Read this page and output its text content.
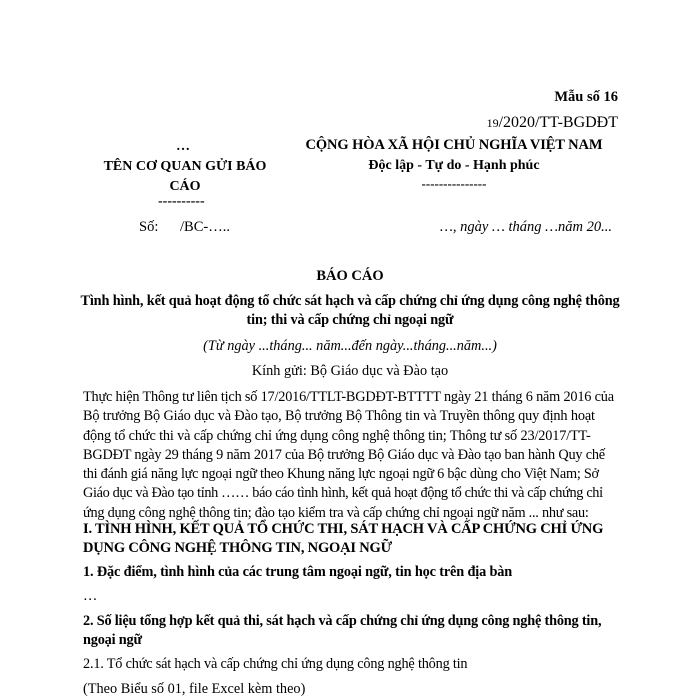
Mẫu số 16
19/2020/TT-BGDĐT
…
TÊN CƠ QUAN GỬI BÁO
CÁO
----------
CỘNG HÒA XÃ HỘI CHỦ NGHĨA VIỆT NAM
Độc lập - Tự do - Hạnh phúc
---------------
Số: /BC-…..	…, ngày … tháng …năm 20...
BÁO CÁO
Tình hình, kết quả hoạt động tổ chức sát hạch và cấp chứng chỉ ứng dụng công nghệ thông
tin; thi và cấp chứng chỉ ngoại ngữ
(Từ ngày ...tháng... năm...đến ngày...tháng...năm...)
Kính gửi: Bộ Giáo dục và Đào tạo
Thực hiện Thông tư liên tịch số 17/2016/TTLT-BGDĐT-BTTTT ngày 21 tháng 6 năm 2016 của
Bộ trưởng Bộ Giáo dục và Đào tạo, Bộ trưởng Bộ Thông tin và Truyền thông quy định hoạt
động tổ chức thi và cấp chứng chỉ ứng dụng công nghệ thông tin; Thông tư số 23/2017/TT-
BGDĐT ngày 29 tháng 9 năm 2017 của Bộ trưởng Bộ Giáo dục và Đào tạo ban hành Quy chế
thi đánh giá năng lực ngoại ngữ theo Khung năng lực ngoại ngữ 6 bậc dùng cho Việt Nam; Sở
Giáo dục và Đào tạo tỉnh …… báo cáo tình hình, kết quả hoạt động tổ chức thi và cấp chứng chỉ
ứng dụng công nghệ thông tin; đào tạo kiểm tra và cấp chứng chỉ ngoại ngữ năm ... như sau:
I. TÌNH HÌNH, KẾT QUẢ TỔ CHỨC THI, SÁT HẠCH VÀ CẤP CHỨNG CHỈ ỨNG
DỤNG CÔNG NGHỆ THÔNG TIN, NGOẠI NGỮ
1. Đặc điểm, tình hình của các trung tâm ngoại ngữ, tin học trên địa bàn
…
2. Số liệu tổng hợp kết quả thi, sát hạch và cấp chứng chỉ ứng dụng công nghệ thông tin,
ngoại ngữ
2.1. Tổ chức sát hạch và cấp chứng chỉ ứng dụng công nghệ thông tin
(Theo Biểu số 01, file Excel kèm theo)
